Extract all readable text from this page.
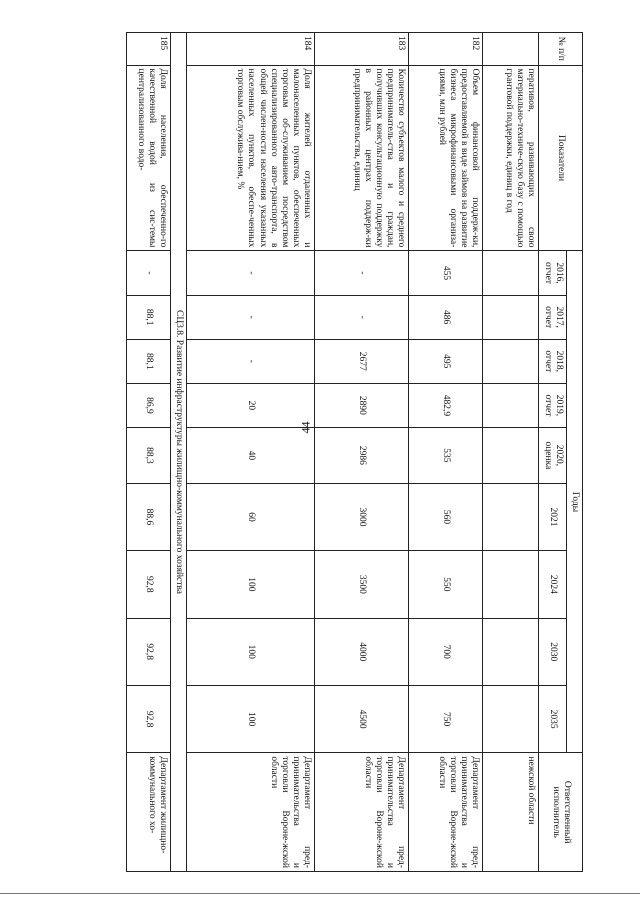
44
№ п/п	Показатели	Годы									Ответственный исполнитель
		2016, отчет	2017, отчет	2018, отчет	2019, отчет	2020, оценка	2021	2024	2030	2035	
	перативов, развивающих свою материально-техниче-скую базу с помощью грантовой поддержки, единиц в год										нежской области
182	Объем финансовой поддерж-ки, предоставляемой в виде займов на развитие бизнеса микрофинансовыми организа-циями, млн рублей	455	486	495	482,9	535	560	550	700	750	Департамент пред-принимательства и торговли Вороне-жской области
183	Количество субъектов малого и среднего предприниматель-ства и граждан, получивших консультационную поддержку в районных центрах поддерж-ки предпринимательства, единиц	-	-	2677	2890	2986	3000	3500	4000	4500	Департамент пред-принимательства и торговли Вороне-жской области
184	Доля жителей отдаленных и малонаселенных пунктов, обеспеченных торговым об-служиванием посредством специализированного авто-транспорта, в общей числен-ности населения указанных населенных пунктов, обеспе-ченных торговым обслужива-нием, %	-	-	-	20	40	60	100	100	100	Департамент пред-принимательства и торговли Вороне-жской области
СЦ3.8. Развитие инфраструктуры жилищно-коммунального хозяйства											
185	Доля населения, обеспеченно-го качественной водой из сис-темы централизованного водо-	-	88,1	88,1	86,9	88,3	88,6	92,8	92,8	92,8	Департамент жилищно-коммунального хо-
